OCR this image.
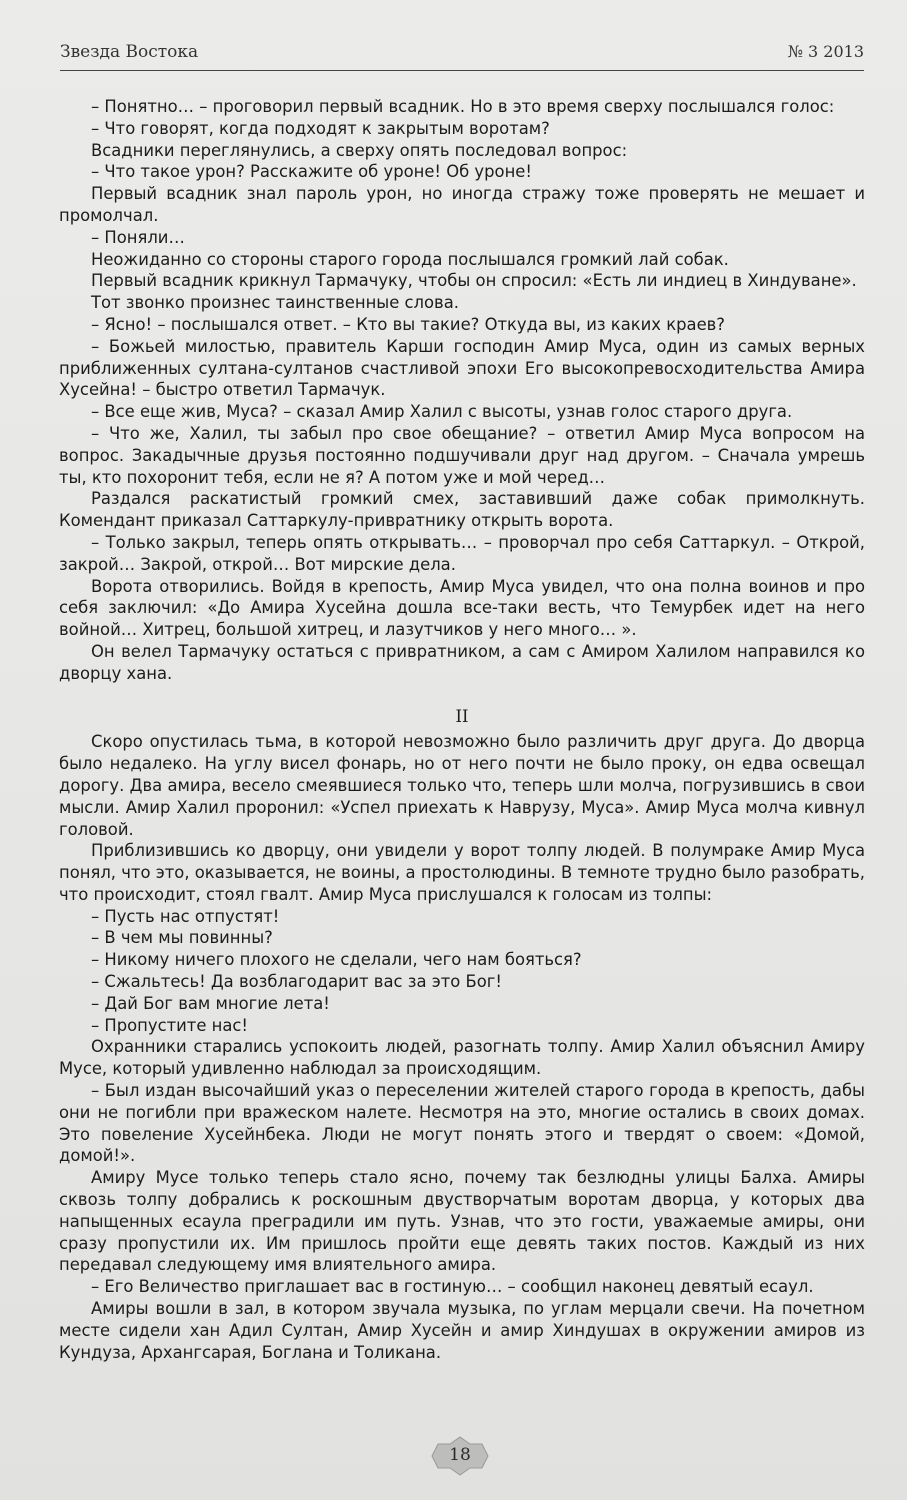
Звезда Востока	№ 3 2013

– Понятно… – проговорил первый всадник. Но в это время сверху послышался голос:

– Что говорят, когда подходят к закрытым воротам?

Всадники переглянулись, а сверху опять последовал вопрос:

– Что такое урон? Расскажите об уроне! Об уроне!

Первый всадник знал пароль урон, но иногда стражу тоже проверять не мешает и промолчал.

– Поняли…

Неожиданно со стороны старого города послышался громкий лай собак.

Первый всадник крикнул Тармачуку, чтобы он спросил: «Есть ли индиец в Хиндуване».

Тот звонко произнес таинственные слова.

– Ясно! – послышался ответ. – Кто вы такие? Откуда вы, из каких краев?

– Божьей милостью, правитель Карши господин Амир Муса, один из самых верных приближенных султана-султанов счастливой эпохи Его высокопревосходительства Амира Хусейна! – быстро ответил Тармачук.

– Все еще жив, Муса? – сказал Амир Халил с высоты, узнав голос старого друга.

– Что же, Халил, ты забыл про свое обещание? – ответил Амир Муса вопросом на вопрос. Закадычные друзья постоянно подшучивали друг над другом. – Сначала умрешь ты, кто похоронит тебя, если не я? А потом уже и мой черед…

Раздался раскатистый громкий смех, заставивший даже собак примолкнуть. Комендант приказал Саттаркулу-привратнику открыть ворота.

– Только закрыл, теперь опять открывать… – проворчал про себя Саттаркул. – Открой, закрой… Закрой, открой… Вот мирские дела.

Ворота отворились. Войдя в крепость, Амир Муса увидел, что она полна воинов и про себя заключил: «До Амира Хусейна дошла все-таки весть, что Темурбек идет на него войной… Хитрец, большой хитрец, и лазутчиков у него много… ».

Он велел Тармачуку остаться с привратником, а сам с Амиром Халилом направился ко дворцу хана.

II

Скоро опустилась тьма, в которой невозможно было различить друг друга. До дворца было недалеко. На углу висел фонарь, но от него почти не было проку, он едва освещал дорогу. Два амира, весело смеявшиеся только что, теперь шли молча, погрузившись в свои мысли. Амир Халил проронил: «Успел приехать к Наврузу, Муса». Амир Муса молча кивнул головой.

Приблизившись ко дворцу, они увидели у ворот толпу людей. В полумраке Амир Муса понял, что это, оказывается, не воины, а простолюдины. В темноте трудно было разобрать, что происходит, стоял гвалт. Амир Муса прислушался к голосам из толпы:

– Пусть нас отпустят!

– В чем мы повинны?

– Никому ничего плохого не сделали, чего нам бояться?

– Сжальтесь! Да возблагодарит вас за это Бог!

– Дай Бог вам многие лета!

– Пропустите нас!

Охранники старались успокоить людей, разогнать толпу. Амир Халил объяснил Амиру Мусе, который удивленно наблюдал за происходящим.

– Был издан высочайший указ о переселении жителей старого города в крепость, дабы они не погибли при вражеском налете. Несмотря на это, многие остались в своих домах. Это повеление Хусейнбека. Люди не могут понять этого и твердят о своем: «Домой, домой!».

Амиру Мусе только теперь стало ясно, почему так безлюдны улицы Балха. Амиры сквозь толпу добрались к роскошным двустворчатым воротам дворца, у которых два напыщенных есаула преградили им путь. Узнав, что это гости, уважаемые амиры, они сразу пропустили их. Им пришлось пройти еще девять таких постов. Каждый из них передавал следующему имя влиятельного амира.

– Его Величество приглашает вас в гостиную… – сообщил наконец девятый есаул.

Амиры вошли в зал, в котором звучала музыка, по углам мерцали свечи. На почетном месте сидели хан Адил Султан, Амир Хусейн и амир Хиндушах в окружении амиров из Кундуза, Архангсарая, Боглана и Толикана.

18
